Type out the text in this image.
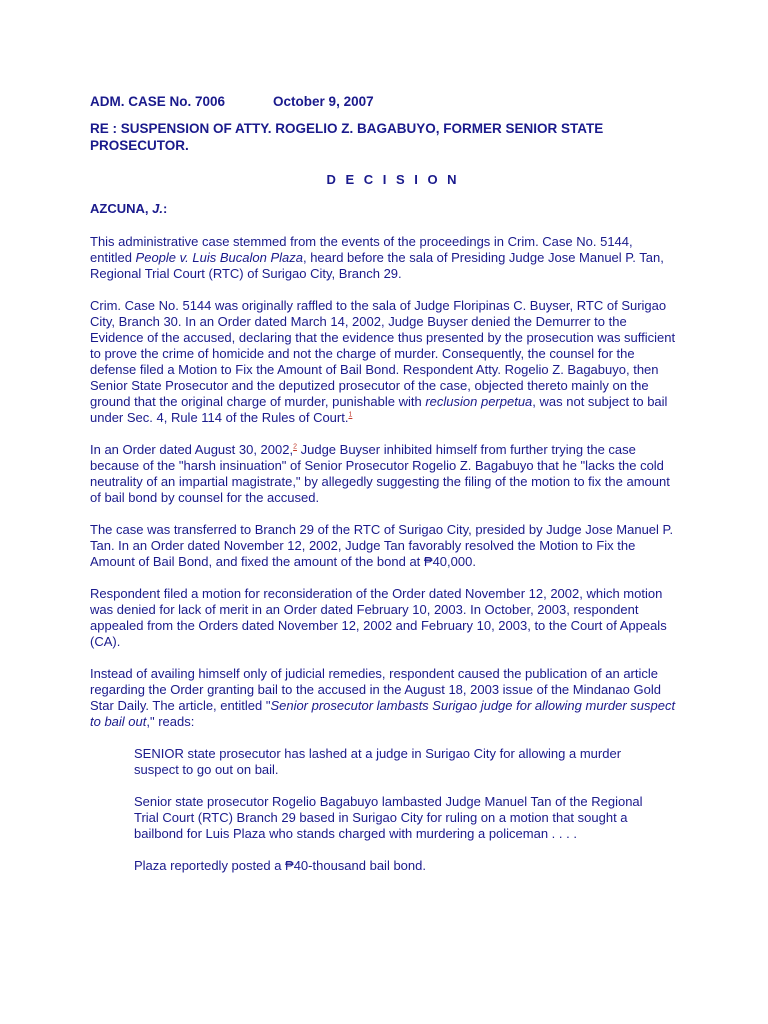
ADM. CASE No. 7006	October 9, 2007
RE : SUSPENSION OF ATTY. ROGELIO Z. BAGABUYO, FORMER SENIOR STATE PROSECUTOR.
D E C I S I O N
AZCUNA, J.:

This administrative case stemmed from the events of the proceedings in Crim. Case No. 5144, entitled People v. Luis Bucalon Plaza, heard before the sala of Presiding Judge Jose Manuel P. Tan, Regional Trial Court (RTC) of Surigao City, Branch 29.

Crim. Case No. 5144 was originally raffled to the sala of Judge Floripinas C. Buyser, RTC of Surigao City, Branch 30. In an Order dated March 14, 2002, Judge Buyser denied the Demurrer to the Evidence of the accused, declaring that the evidence thus presented by the prosecution was sufficient to prove the crime of homicide and not the charge of murder. Consequently, the counsel for the defense filed a Motion to Fix the Amount of Bail Bond. Respondent Atty. Rogelio Z. Bagabuyo, then Senior State Prosecutor and the deputized prosecutor of the case, objected thereto mainly on the ground that the original charge of murder, punishable with reclusion perpetua, was not subject to bail under Sec. 4, Rule 114 of the Rules of Court.$^1$

In an Order dated August 30, 2002,$^2$ Judge Buyser inhibited himself from further trying the case because of the "harsh insinuation" of Senior Prosecutor Rogelio Z. Bagabuyo that he "lacks the cold neutrality of an impartial magistrate," by allegedly suggesting the filing of the motion to fix the amount of bail bond by counsel for the accused.

The case was transferred to Branch 29 of the RTC of Surigao City, presided by Judge Jose Manuel P. Tan. In an Order dated November 12, 2002, Judge Tan favorably resolved the Motion to Fix the Amount of Bail Bond, and fixed the amount of the bond at ₱40,000.

Respondent filed a motion for reconsideration of the Order dated November 12, 2002, which motion was denied for lack of merit in an Order dated February 10, 2003. In October, 2003, respondent appealed from the Orders dated November 12, 2002 and February 10, 2003, to the Court of Appeals (CA).

Instead of availing himself only of judicial remedies, respondent caused the publication of an article regarding the Order granting bail to the accused in the August 18, 2003 issue of the Mindanao Gold Star Daily. The article, entitled "Senior prosecutor lambasts Surigao judge for allowing murder suspect to bail out," reads:

SENIOR state prosecutor has lashed at a judge in Surigao City for allowing a murder suspect to go out on bail.
Senior state prosecutor Rogelio Bagabuyo lambasted Judge Manuel Tan of the Regional Trial Court (RTC) Branch 29 based in Surigao City for ruling on a motion that sought a bailbond for Luis Plaza who stands charged with murdering a policeman . . . .
Plaza reportedly posted a ₱40-thousand bail bond.
